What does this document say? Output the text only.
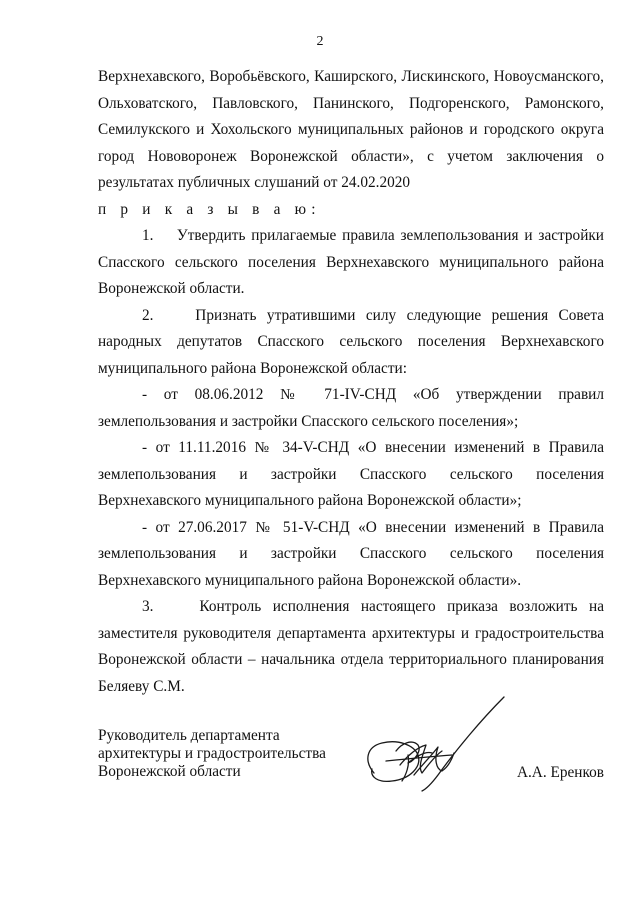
2

Верхнехавского, Воробьёвского, Каширского, Лискинского, Новоусманского, Ольховатского, Павловского, Панинского, Подгоренского, Рамонского, Семилукского и Хохольского муниципальных районов и городского округа город Нововоронеж Воронежской области», с учетом заключения о результатах публичных слушаний от 24.02.2020

п р и к а з ы в а ю:

1.    Утвердить прилагаемые правила землепользования и застройки Спасского сельского поселения Верхнехавского муниципального района Воронежской области.

2.    Признать утратившими силу следующие решения Совета народных депутатов Спасского сельского поселения Верхнехавского муниципального района Воронежской области:

- от 08.06.2012 № 71-IV-СНД «Об утверждении правил землепользования и застройки Спасского сельского поселения»;

- от 11.11.2016 № 34-V-СНД «О внесении изменений в Правила землепользования и застройки Спасского сельского поселения Верхнехавского муниципального района Воронежской области»;

- от 27.06.2017 № 51-V-СНД «О внесении изменений в Правила землепользования и застройки Спасского сельского поселения Верхнехавского муниципального района Воронежской области».

3.    Контроль исполнения настоящего приказа возложить на заместителя руководителя департамента архитектуры и градостроительства Воронежской области – начальника отдела территориального планирования Беляеву С.М.

Руководитель департамента
архитектуры и градостроительства
Воронежской области	А.А. Еренков
